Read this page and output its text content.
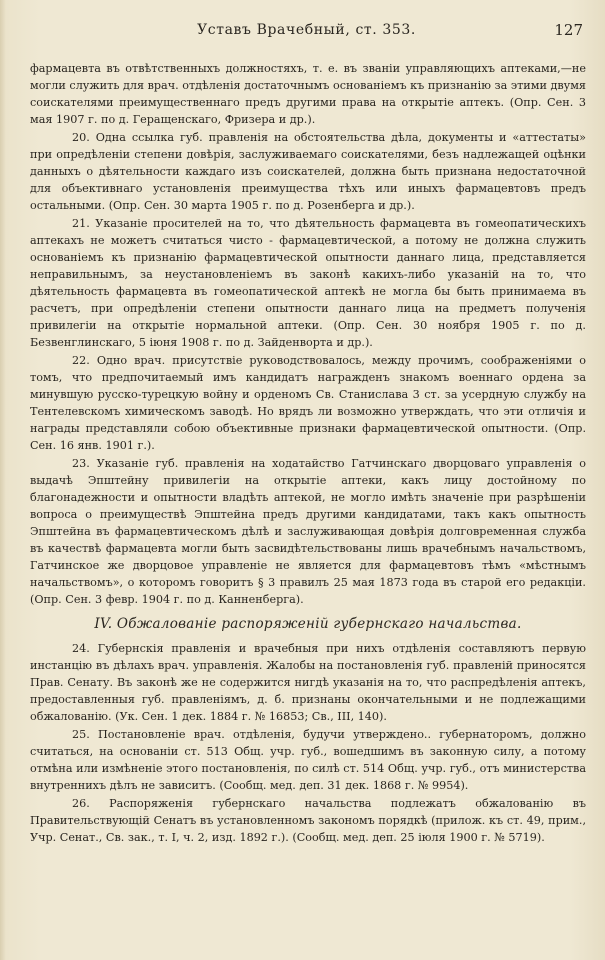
Уставъ Врачебный, ст. 353.	127

фармацевта въ отвѣтственныхъ должностяхъ, т. е. въ званіи управляющихъ аптеками,—не могли служить для врач. отдѣленія достаточнымъ основаніемъ къ признанію за этими двумя соискателями преимущественнаго предъ другими права на открытіе аптекъ. (Опр. Сен. 3 мая 1907 г. по д. Геращенскаго, Фризера и др.).

20. Одна ссылка губ. правленія на обстоятельства дѣла, документы и «аттестаты» при опредѣленіи степени довѣрія, заслуживаемаго соискателями, безъ надлежащей оцѣнки данныхъ о дѣятельности каждаго изъ соискателей, должна быть признана недостаточной для объективнаго установленія преимущества тѣхъ или иныхъ фармацевтовъ предъ остальными. (Опр. Сен. 30 марта 1905 г. по д. Розенберга и др.).

21. Указаніе просителей на то, что дѣятельность фармацевта въ гомеопатическихъ аптекахъ не можетъ считаться чисто - фармацевтической, а потому не должна служить основаніемъ къ признанію фармацевтической опытности даннаго лица, представляется неправильнымъ, за неустановленіемъ въ законѣ какихъ-либо указаній на то, что дѣятельность фармацевта въ гомеопатической аптекѣ не могла бы быть принимаема въ расчетъ, при опредѣленіи степени опытности даннаго лица на предметъ полученія привилегіи на открытіе нормальной аптеки. (Опр. Сен. 30 ноября 1905 г. по д. Безвенглинскаго, 5 іюня 1908 г. по д. Зайденворта и др.).

22. Одно врач. присутствіе руководствовалось, между прочимъ, соображеніями о томъ, что предпочитаемый имъ кандидатъ награжденъ знакомъ военнаго ордена за минувшую русско-турецкую войну и орденомъ Св. Станислава 3 ст. за усердную службу на Тентелевскомъ химическомъ заводѣ. Но врядъ ли возможно утверждать, что эти отличія и награды представляли собою объективные признаки фармацевтической опытности. (Опр. Сен. 16 янв. 1901 г.).

23. Указаніе губ. правленія на ходатайство Гатчинскаго дворцоваго управленія о выдачѣ Эпштейну привилегіи на открытіе аптеки, какъ лицу достойному по благонадежности и опытности владѣть аптекой, не могло имѣть значеніе при разрѣшеніи вопроса о преимуществѣ Эпштейна предъ другими кандидатами, такъ какъ опытность Эпштейна въ фармацевтическомъ дѣлѣ и заслуживающая довѣрія долговременная служба въ качествѣ фармацевта могли быть засвидѣтельствованы лишь врачебнымъ начальствомъ, Гатчинское же дворцовое управленіе не является для фармацевтовъ тѣмъ «мѣстнымъ начальствомъ», о которомъ говоритъ § 3 правилъ 25 мая 1873 года въ старой его редакціи. (Опр. Сен. 3 февр. 1904 г. по д. Канненберга).

IV. Обжалованіе распоряженій губернскаго начальства.

24. Губернскія правленія и врачебныя при нихъ отдѣленія составляютъ первую инстанцію въ дѣлахъ врач. управленія. Жалобы на постановленія губ. правленій приносятся Прав. Сенату. Въ законѣ же не содержится нигдѣ указанія на то, что распредѣленія аптекъ, предоставленныя губ. правленіямъ, д. б. признаны окончательными и не подлежащими обжалованію. (Ук. Сен. 1 дек. 1884 г. № 16853; Св., III, 140).

25. Постановленіе врач. отдѣленія, будучи утверждено.. губернаторомъ, должно считаться, на основаніи ст. 513 Общ. учр. губ., вошедшимъ въ законную силу, а потому отмѣна или измѣненіе этого постановленія, по силѣ ст. 514 Общ. учр. губ., отъ министерства внутреннихъ дѣлъ не зависитъ. (Сообщ. мед. деп. 31 дек. 1868 г. № 9954).

26. Распоряженія губернскаго начальства подлежатъ обжалованію въ Правительствующій Сенатъ въ установленномъ закономъ порядкѣ (прилож. къ ст. 49, прим., Учр. Сенат., Св. зак., т. I, ч. 2, изд. 1892 г.). (Сообщ. мед. деп. 25 іюля 1900 г. № 5719).
